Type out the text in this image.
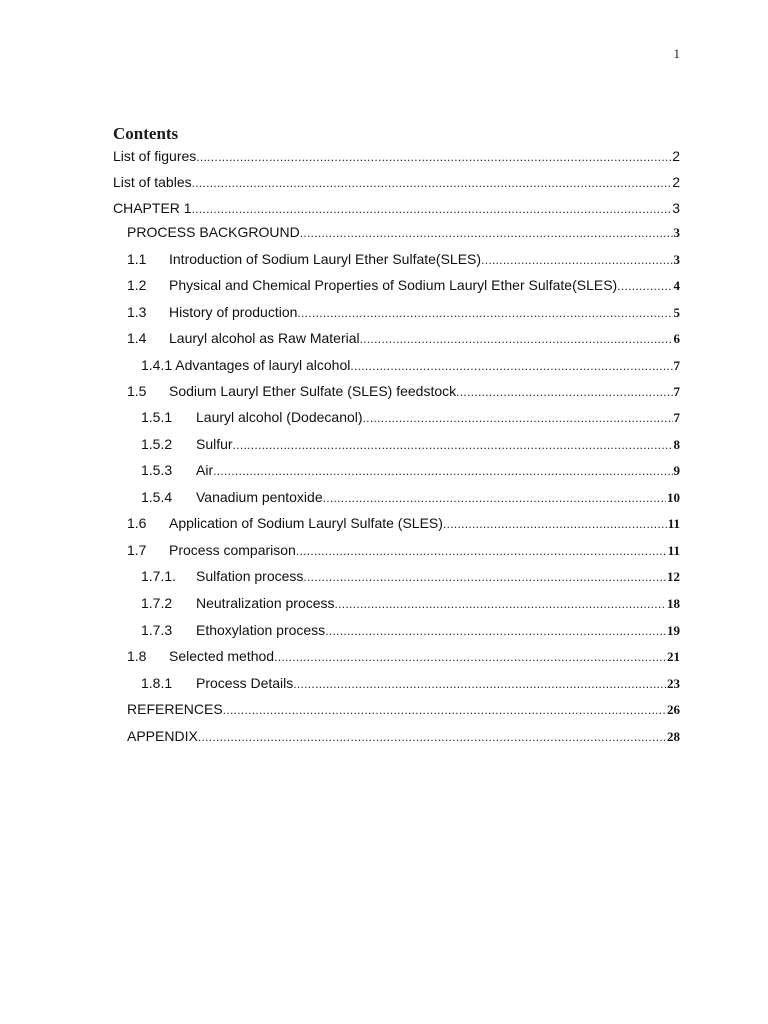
1
Contents
List of figures .....	2
List of tables .....	2
CHAPTER 1 .....	3
PROCESS BACKGROUND .....	3
1.1	Introduction of Sodium Lauryl Ether Sulfate(SLES) .....	3
1.2	Physical and Chemical Properties of Sodium Lauryl Ether Sulfate(SLES) .....	4
1.3	History of production .....	5
1.4	Lauryl alcohol as Raw Material .....	6
1.4.1 Advantages of lauryl alcohol .....	7
1.5	Sodium Lauryl Ether Sulfate (SLES) feedstock .....	7
1.5.1	Lauryl alcohol (Dodecanol) .....	7
1.5.2	Sulfur .....	8
1.5.3	Air .....	9
1.5.4	Vanadium pentoxide .....	10
1.6	Application of Sodium Lauryl Sulfate (SLES) .....	11
1.7	Process comparison .....	11
1.7.1.	Sulfation process .....	12
1.7.2	Neutralization process .....	18
1.7.3	Ethoxylation process .....	19
1.8	Selected method .....	21
1.8.1	Process Details .....	23
REFERENCES .....	26
APPENDIX .....	28
